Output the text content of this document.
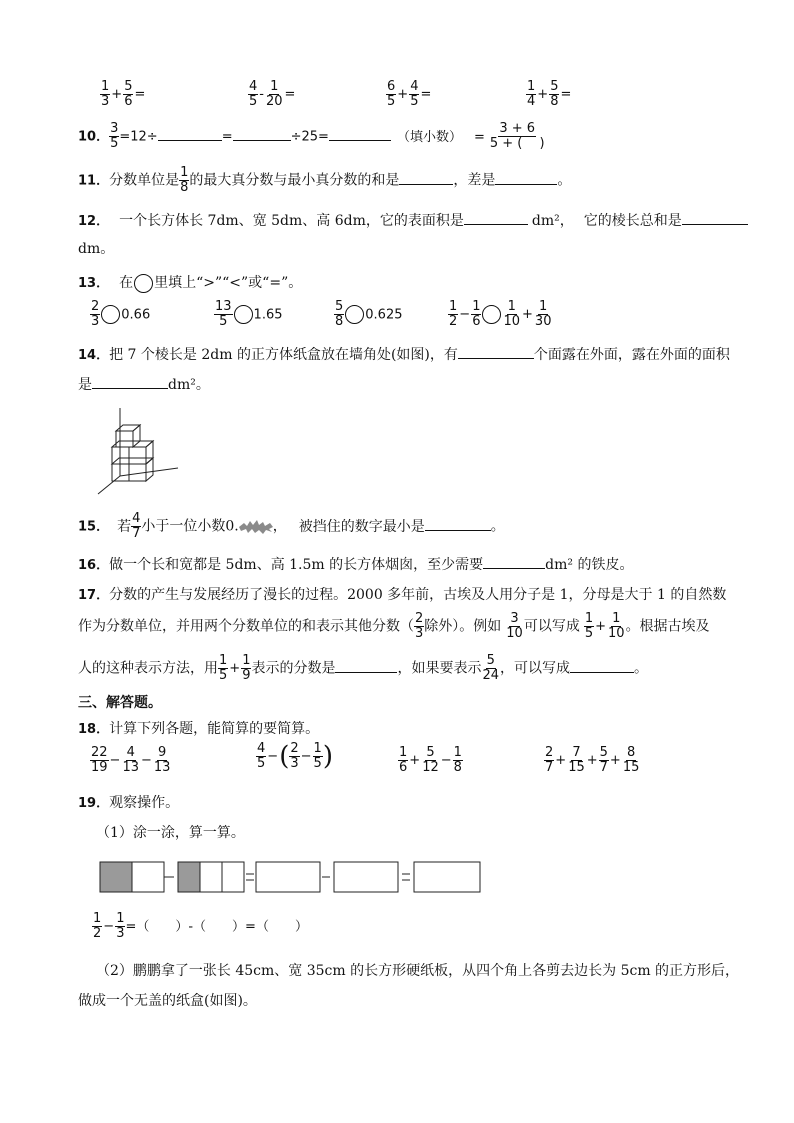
$\frac{1}{3} + \frac{5}{6}$ =	$\frac{4}{5} - \frac{1}{20}$ =	$\frac{6}{5} + \frac{4}{5}$ =	$\frac{1}{4} + \frac{5}{8}$ =
10． $\frac{3}{5} =12\div$	=	÷25=	（填小数） = $\frac{3 + 6}{5 + ( )}$
11．分数单位是 $\frac{1}{8}$ 的最大真分数与最小真分数的和是	，差是	。
12． 一个长方体长 7dm、宽 5dm、高 6dm，它的表面积是	dm²， 它的棱长总和是
dm。
13． 在 里填上“>”“<”或“=”。
$\frac{2}{3} 0.66$	$\frac{13}{5} 1.65$	$\frac{5}{8} 0.625$	$\frac{1}{2} - \frac{1}{6} \frac{1}{10} + \frac{1}{30}$
14．把 7 个棱长是 2dm 的正方体纸盒放在墙角处(如图)，有	个面露在外面，露在外面的面积
是	dm²。
15． 若 $\frac{4}{7}$ 小于一位小数0. ， 被挡住的数字最小是	。
16．做一个长和宽都是 5dm、高 1.5m 的长方体烟囱，至少需要	dm² 的铁皮。
17．分数的产生与发展经历了漫长的过程。2000 多年前，古埃及人用分子是 1，分母是大于 1 的自然数
作为分数单位，并用两个分数单位的和表示其他分数（ $\frac{2}{3}$ 除外）。例如 $\frac{3}{10}$ 可以写成 $\frac{1}{5} + \frac{1}{10}$ 。根据古埃及
人的这种表示方法，用 $\frac{1}{5} + \frac{1}{9}$ 表示的分数是	，如果要表示 $\frac{5}{24}$ ，可以写成	。
三、解答题。
18．计算下列各题，能简算的要简算。
$\frac{22}{19} - \frac{4}{13} - \frac{9}{13}$	$\frac{4}{5}$ −( $\frac{2}{3} - \frac{1}{5}$ )	$\frac{1}{6} + \frac{5}{12} - \frac{1}{8}$	$\frac{2}{7} + \frac{7}{15} + \frac{5}{7} + \frac{8}{15}$
19．观察操作。
（1）涂一涂，算一算。
$\frac{1}{2} - \frac{1}{3}$ =（　　）-（　　）=（　　）
（2）鹏鹏拿了一张长 45cm、宽 35cm 的长方形硬纸板，从四个角上各剪去边长为 5cm 的正方形后，
做成一个无盖的纸盒(如图)。
